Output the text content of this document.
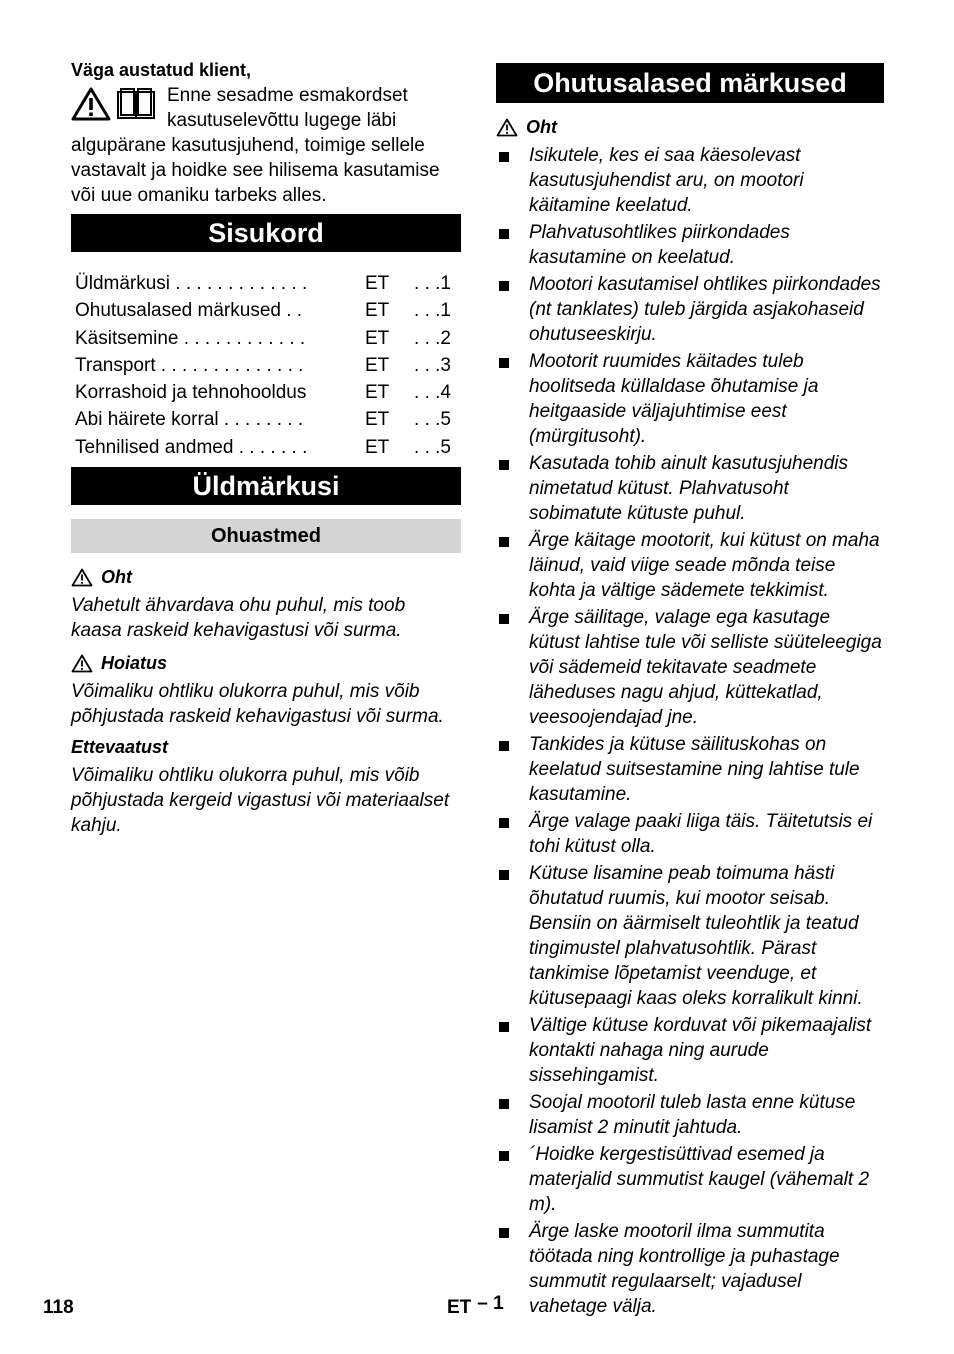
Väga austatud klient,

Enne sesadme esmakordset kasutuselevõttu lugege läbi algupärane kasutusjuhend, toimige sellele vastavalt ja hoidke see hilisema kasutamise või uue omaniku tarbeks alles.

Sisukord
Üldmärkusi . . . . . . . . . . . . .	ET	. . .1
Ohutusalased märkused . .	ET	. . .1
Käsitsemine . . . . . . . . . . . .	ET	. . .2
Transport . . . . . . . . . . . . . .	ET	. . .3
Korrashoid ja tehnohooldus	ET	. . .4
Abi häirete korral . . . . . . . .	ET	. . .5
Tehnilised andmed . . . . . . .	ET	. . .5
Üldmärkusi
Ohuastmed
Oht

Vahetult ähvardava ohu puhul, mis toob kaasa raskeid kehavigastusi või surma.

Hoiatus

Võimaliku ohtliku olukorra puhul, mis võib põhjustada raskeid kehavigastusi või surma.

Ettevaatust

Võimaliku ohtliku olukorra puhul, mis võib põhjustada kergeid vigastusi või materiaalset kahju.

Ohutusalased märkused
Oht
Isikutele, kes ei saa käesolevast kasutusjuhendist aru, on mootori käitamine keelatud.
Plahvatusohtlikes piirkondades kasutamine on keelatud.
Mootori kasutamisel ohtlikes piirkondades (nt tanklates) tuleb järgida asjakohaseid ohutuseeskirju.
Mootorit ruumides käitades tuleb hoolitseda küllaldase õhutamise ja heitgaaside väljajuhtimise eest (mürgitusoht).
Kasutada tohib ainult kasutusjuhendis nimetatud kütust. Plahvatusoht sobimatute kütuste puhul.
Ärge käitage mootorit, kui kütust on maha läinud, vaid viige seade mõnda teise kohta ja vältige sädemete tekkimist.
Ärge säilitage, valage ega kasutage kütust lahtise tule või selliste süüteleegiga või sädemeid tekitavate seadmete läheduses nagu ahjud, küttekatlad, veesoojendajad jne.
Tankides ja kütuse säilituskohas on keelatud suitsestamine ning lahtise tule kasutamine.
Ärge valage paaki liiga täis. Täitetutsis ei tohi kütust olla.
Kütuse lisamine peab toimuma hästi õhutatud ruumis, kui mootor seisab. Bensiin on äärmiselt tuleohtlik ja teatud tingimustel plahvatusohtlik. Pärast tankimise lõpetamist veenduge, et kütusepaagi kaas oleks korralikult kinni.
Vältige kütuse korduvat või pikemaajalist kontakti nahaga ning aurude sissehingamist.
Soojal mootoril tuleb lasta enne kütuse lisamist 2 minutit jahtuda.
´Hoidke kergestisüttivad esemed ja materjalid summutist kaugel (vähemalt 2 m).
Ärge laske mootoril ilma summutita töötada ning kontrollige ja puhastage summutit regulaarselt; vajadusel vahetage välja.
118	ET – 1
